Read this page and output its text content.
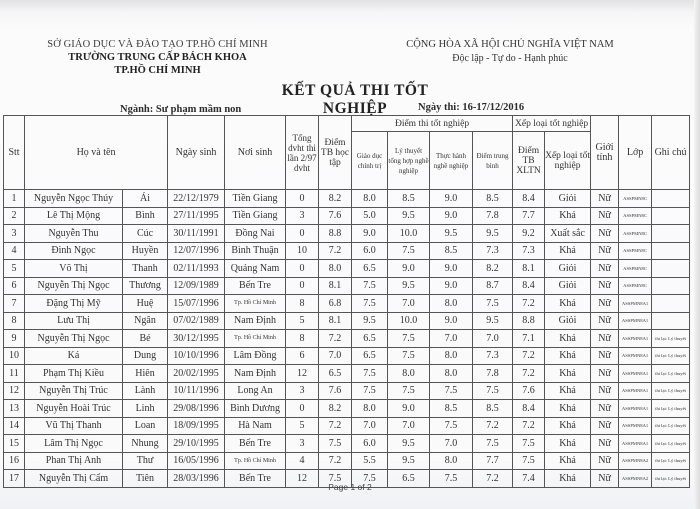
SỞ GIÁO DỤC VÀ ĐÀO TẠO TP.HỒ CHÍ MINH
TRƯỜNG TRUNG CẤP BÁCH KHOA
TP.HỒ CHÍ MINH
CỘNG HÒA XÃ HỘI CHỦ NGHĨA VIỆT NAM
Độc lập - Tự do - Hạnh phúc
KẾT QUẢ THI TỐT NGHIỆP
Ngành: Sư phạm mầm non	Ngày thi: 16-17/12/2016
Stt	Họ và tên		Ngày sinh	Nơi sinh	Tổng dvht thi lần 2/97 dvht	Điểm TB học tập	Điểm thi tốt nghiệp				Xếp loại tốt nghiệp		Giới tính	Lớp	Ghi chú
							Giáo dục chính trị	Lý thuyết tổng hợp nghề nghiệp	Thực hành nghề nghiệp	Điểm trung bình	Điểm TB XLTN	Xếp loại tốt nghiệp			
1	Nguyễn Ngọc Thúy	Ái	22/12/1979	Tiền Giang	0	8.2	8.0	8.5	9.0	8.5	8.4	Giỏi	Nữ	ASSPMN8C	
2	Lê Thị Mộng	Bình	27/11/1995	Tiền Giang	3	7.6	5.0	9.5	9.0	7.8	7.7	Khá	Nữ	ASSPMN8C	
3	Nguyễn Thu	Cúc	30/11/1991	Đồng Nai	0	8.8	9.0	10.0	9.5	9.5	9.2	Xuất sắc	Nữ	ASSPMN8C	
4	Đinh Ngọc	Huyền	12/07/1996	Bình Thuận	10	7.2	6.0	7.5	8.5	7.3	7.3	Khá	Nữ	ASSPMN8C	
5	Võ Thị	Thanh	02/11/1993	Quảng Nam	0	8.0	6.5	9.0	9.0	8.2	8.1	Giỏi	Nữ	ASSPMN8C	
6	Nguyễn Thị Ngọc	Thương	12/09/1989	Bến Tre	0	8.1	7.5	9.5	9.0	8.7	8.4	Giỏi	Nữ	ASSPMN8C	
7	Đặng Thị Mỹ	Huệ	15/07/1996	Tp. Hồ Chí Minh	8	6.8	7.5	7.0	8.0	7.5	7.2	Khá	Nữ	ASSPMN8A1	
8	Lưu Thị	Ngân	07/02/1989	Nam Định	5	8.1	9.5	10.0	9.0	9.5	8.8	Giỏi	Nữ	ASSPMN8A1	
9	Nguyễn Thị Ngọc	Bé	30/12/1995	Tp. Hồ Chí Minh	8	7.2	6.5	7.5	7.0	7.0	7.1	Khá	Nữ	ASSPMN8A1	thi lại: Lý thuyết
10	Ká	Dung	10/10/1996	Lâm Đồng	6	7.0	6.5	7.5	8.0	7.3	7.2	Khá	Nữ	ASSPMN8A1	thi lại: Lý thuyết
11	Phạm Thị Kiều	Hiên	20/02/1995	Nam Định	12	6.5	7.5	8.0	8.0	7.8	7.2	Khá	Nữ	ASSPMN8A1	thi lại: Lý thuyết
12	Nguyễn Thị Trúc	Lành	10/11/1996	Long An	3	7.6	7.5	7.5	7.5	7.5	7.6	Khá	Nữ	ASSPMN8A1	thi lại: Lý thuyết
13	Nguyễn Hoài Trúc	Linh	29/08/1996	Bình Dương	0	8.2	8.0	9.0	8.5	8.5	8.4	Khá	Nữ	ASSPMN8A1	thi lại: Lý thuyết
14	Vũ Thị Thanh	Loan	18/09/1995	Hà Nam	5	7.2	7.0	7.0	7.5	7.2	7.2	Khá	Nữ	ASSPMN8A1	thi lại: Lý thuyết
15	Lâm Thị Ngọc	Nhung	29/10/1995	Bến Tre	3	7.5	6.0	9.5	7.0	7.5	7.5	Khá	Nữ	ASSPMN8A1	thi lại: Lý thuyết
16	Phan Thị Anh	Thư	16/05/1996	Tp. Hồ Chí Minh	4	7.2	5.5	9.5	8.0	7.7	7.5	Khá	Nữ	ASSPMN8A2	thi lại: Lý thuyết
17	Nguyễn Thị Cẩm	Tiên	28/03/1996	Bến Tre	12	7.5	7.5	6.5	7.5	7.2	7.4	Khá	Nữ	ASSPMN8A2	thi lại: Lý thuyết
Page 1 of 2
